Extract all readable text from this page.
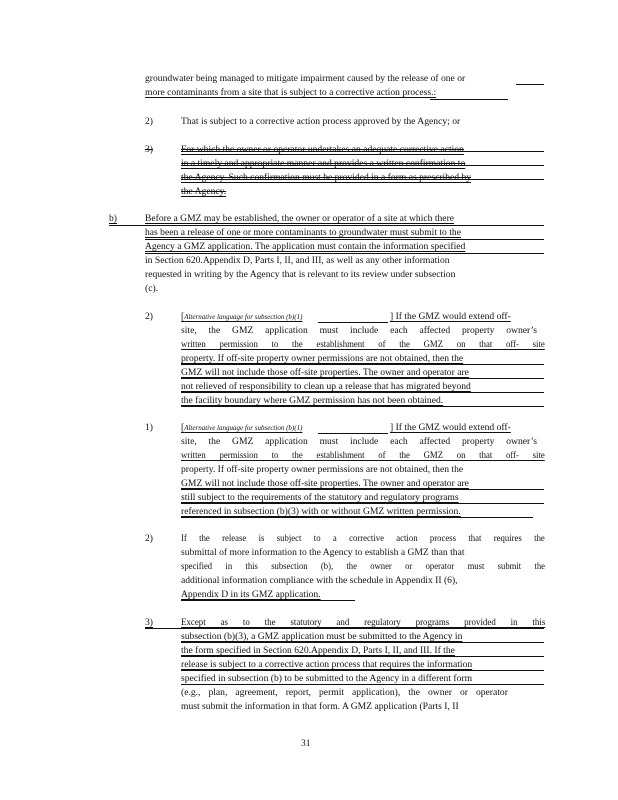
groundwater being managed to mitigate impairment caused by the release of one or
more contaminants from a site that is subject to a corrective action process.:
2)	That is subject to a corrective action process approved by the Agency; or
3)	For which the owner or operator undertakes an adequate corrective action
in a timely and appropriate manner and provides a written confirmation to
the Agency. Such confirmation must be provided in a form as prescribed by
the Agency.
b)	Before a GMZ may be established, the owner or operator of a site at which there
has been a release of one or more contaminants to groundwater must submit to the
Agency a GMZ application. The application must contain the information specified
in Section 620.Appendix D, Parts I, II, and III, as well as any other information
requested in writing by the Agency that is relevant to its review under subsection
(c).
2)	[Alternative language for subsection (b)(1)	] If the GMZ would extend off-
site, the GMZ application must include each affected property owner’s
written permission to the establishment of the GMZ on that off- site
property. If off-site property owner permissions are not obtained, then the
GMZ will not include those off-site properties. The owner and operator are
not relieved of responsibility to clean up a release that has migrated beyond
the facility boundary where GMZ permission has not been obtained.
1)	[Alternative language for subsection (b)(1)	] If the GMZ would extend off-
site, the GMZ application must include each affected property owner’s
written permission to the establishment of the GMZ on that off- site
property. If off-site property owner permissions are not obtained, then the
GMZ will not include those off-site properties. The owner and operator are
still subject to the requirements of the statutory and regulatory programs
referenced in subsection (b)(3) with or without GMZ written permission.
2)	If the release is subject to a corrective action process that requires the
submittal of more information to the Agency to establish a GMZ than that
specified in this subsection (b), the owner or operator must submit the
additional information compliance with the schedule in Appendix II (6),
Appendix D in its GMZ application.
3)	Except as to the statutory and regulatory programs provided in this
subsection (b)(3), a GMZ application must be submitted to the Agency in
the form specified in Section 620.Appendix D, Parts I, II, and III. If the
release is subject to a corrective action process that requires the information
specified in subsection (b) to be submitted to the Agency in a different form
(e.g., plan, agreement, report, permit application), the owner or operator
must submit the information in that form. A GMZ application (Parts I, II
31
